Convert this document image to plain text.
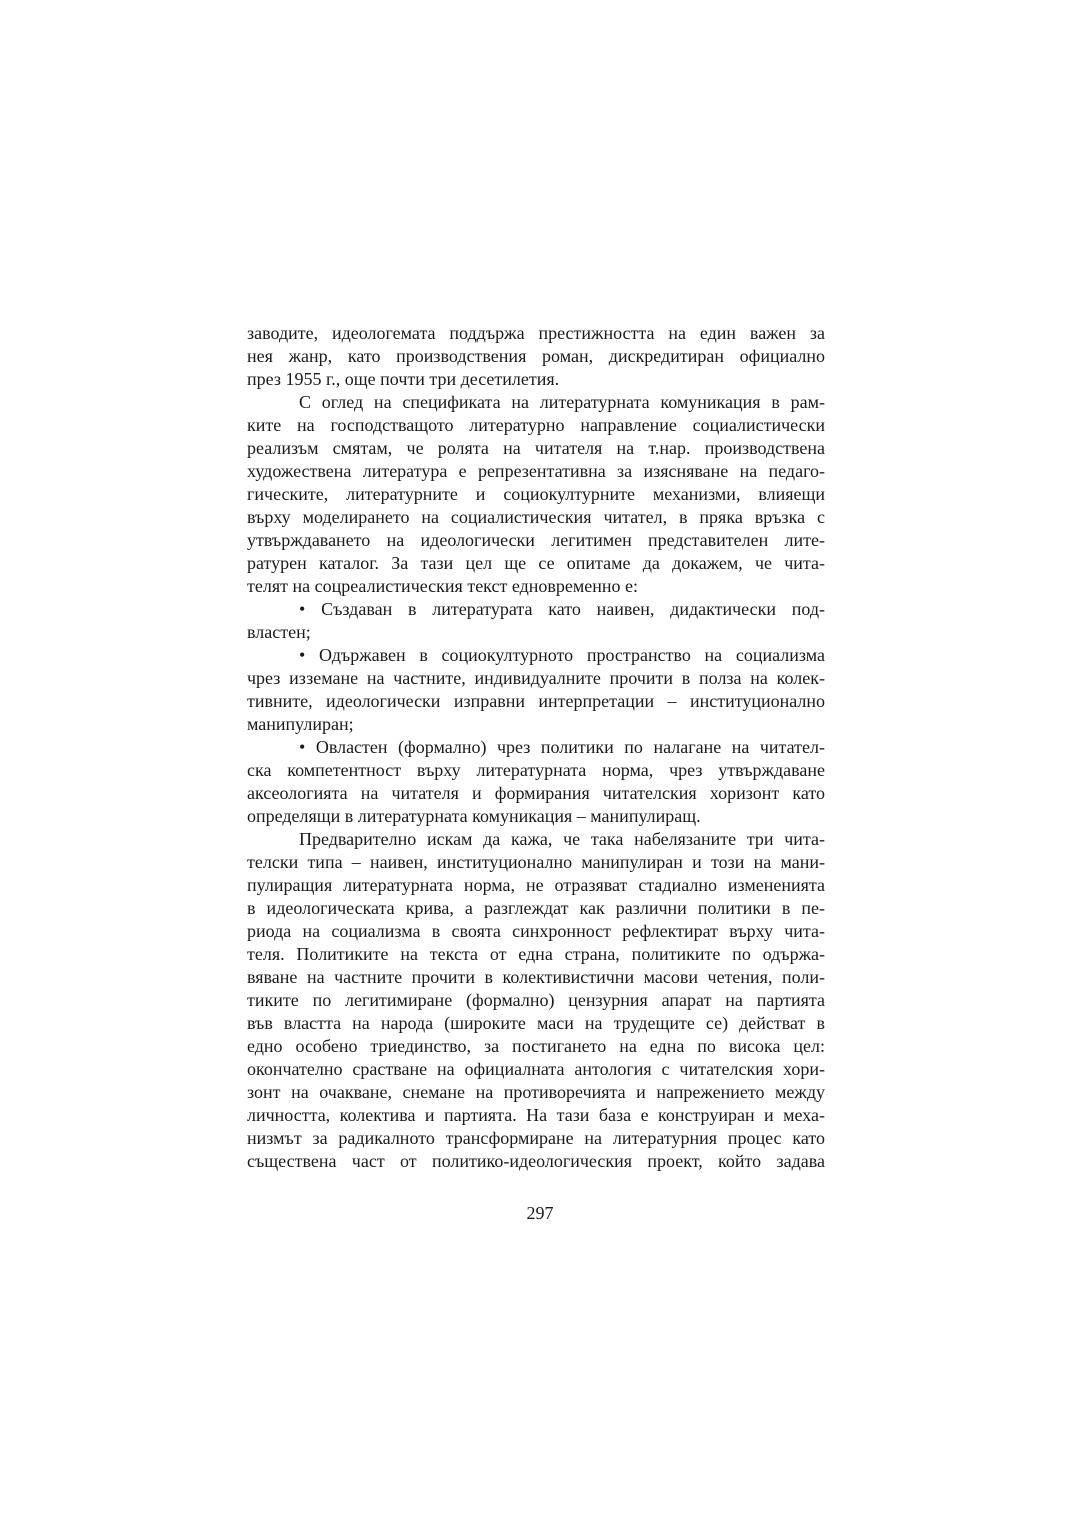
заводите, идеологемата поддържа престижността на един важен за
нея жанр, като производствения роман, дискредитиран официално
през 1955 г., още почти три десетилетия.
С оглед на спецификата на литературната комуникация в рам-
ките на господстващото литературно направление социалистически
реализъм смятам, че ролята на читателя на т.нар. производствена
художествена литература е репрезентативна за изясняване на педаго-
гическите, литературните и социокултурните механизми, влияещи
върху моделирането на социалистическия читател, в пряка връзка с
утвърждаването на идеологически легитимен представителен лите-
ратурен каталог. За тази цел ще се опитаме да докажем, че чита-
телят на соцреалистическия текст едновременно е:
• Създаван в литературата като наивен, дидактически под-
властен;
• Одържавен в социокултурното пространство на социализма
чрез изземане на частните, индивидуалните прочити в полза на колек-
тивните, идеологически изправни интерпретации – институционално
манипулиран;
• Овластен (формално) чрез политики по налагане на читател-
ска компетентност върху литературната норма, чрез утвърждаване
аксеологията на читателя и формирания читателския хоризонт като
определящи в литературната комуникация – манипулиращ.
Предварително искам да кажа, че така набелязаните три чита-
телски типа – наивен, институционално манипулиран и този на мани-
пулиращия литературната норма, не отразяват стадиално измененията
в идеологическата крива, а разглеждат как различни политики в пе-
риода на социализма в своята синхронност рефлектират върху чита-
теля. Политиките на текста от една страна, политиките по одържа-
вяване на частните прочити в колективистични масови четения, поли-
тиките по легитимиране (формално) цензурния апарат на партията
във властта на народа (широките маси на трудещите се) действат в
едно особено триединство, за постигането на една по висока цел:
окончателно срастване на официалната антология с читателския хори-
зонт на очакване, снемане на противоречията и напрежението между
личността, колектива и партията. На тази база е конструиран и меха-
низмът за радикалното трансформиране на литературния процес като
съществена част от политико-идеологическия проект, който задава
297
